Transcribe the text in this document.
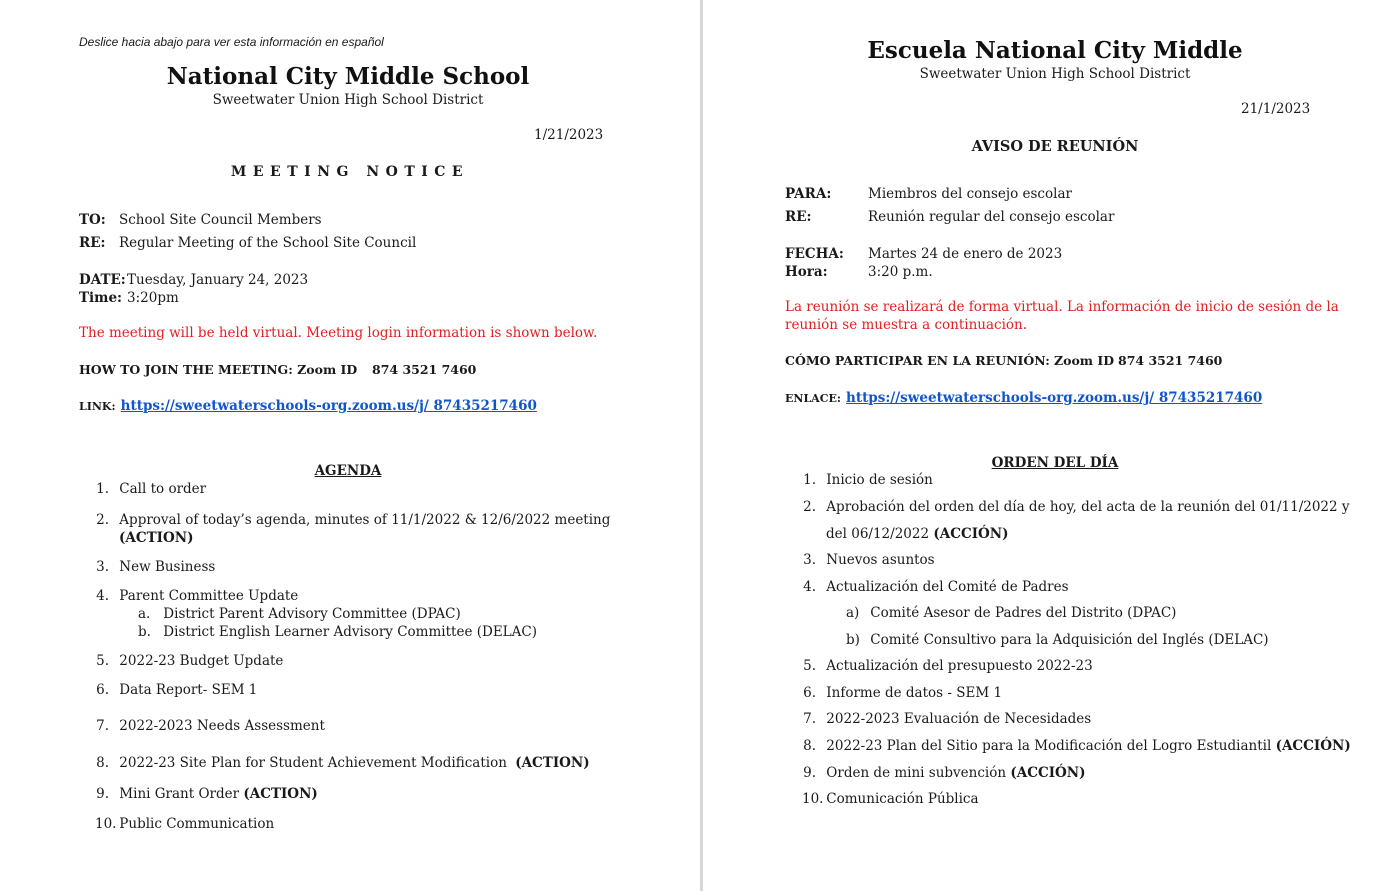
Deslice hacia abajo para ver esta información en español
National City Middle School
Sweetwater Union High School District
1/21/2023
MEETING NOTICE
TO: School Site Council Members
RE: Regular Meeting of the School Site Council
DATE: Tuesday, January 24, 2023
Time: 3:20pm
The meeting will be held virtual. Meeting login information is shown below.
HOW TO JOIN THE MEETING: Zoom ID 874 3521 7460
LINK: https://sweetwaterschools-org.zoom.us/j/ 87435217460
AGENDA
1. Call to order
2. Approval of today’s agenda, minutes of 11/1/2022 & 12/6/2022 meeting
(ACTION)
3. New Business
4. Parent Committee Update
a. District Parent Advisory Committee (DPAC)
b. District English Learner Advisory Committee (DELAC)
5. 2022-23 Budget Update
6. Data Report- SEM 1
7. 2022-2023 Needs Assessment
8. 2022-23 Site Plan for Student Achievement Modification (ACTION)
9. Mini Grant Order (ACTION)
10. Public Communication
Escuela National City Middle
Sweetwater Union High School District
21/1/2023
AVISO DE REUNIÓN
PARA:	Miembros del consejo escolar
RE:	Reunión regular del consejo escolar
FECHA: Martes 24 de enero de 2023
Hora:	3:20 p.m.
La reunión se realizará de forma virtual. La información de inicio de sesión de la
reunión se muestra a continuación.
CÓMO PARTICIPAR EN LA REUNIÓN: Zoom ID 874 3521 7460
ENLACE: https://sweetwaterschools-org.zoom.us/j/ 87435217460
ORDEN DEL DÍA
1. Inicio de sesión
2. Aprobación del orden del día de hoy, del acta de la reunión del 01/11/2022 y
del 06/12/2022 (ACCIÓN)
3. Nuevos asuntos
4. Actualización del Comité de Padres
a) Comité Asesor de Padres del Distrito (DPAC)
b) Comité Consultivo para la Adquisición del Inglés (DELAC)
5. Actualización del presupuesto 2022-23
6. Informe de datos - SEM 1
7. 2022-2023 Evaluación de Necesidades
8. 2022-23 Plan del Sitio para la Modificación del Logro Estudiantil (ACCIÓN)
9. Orden de mini subvención (ACCIÓN)
10. Comunicación Pública
